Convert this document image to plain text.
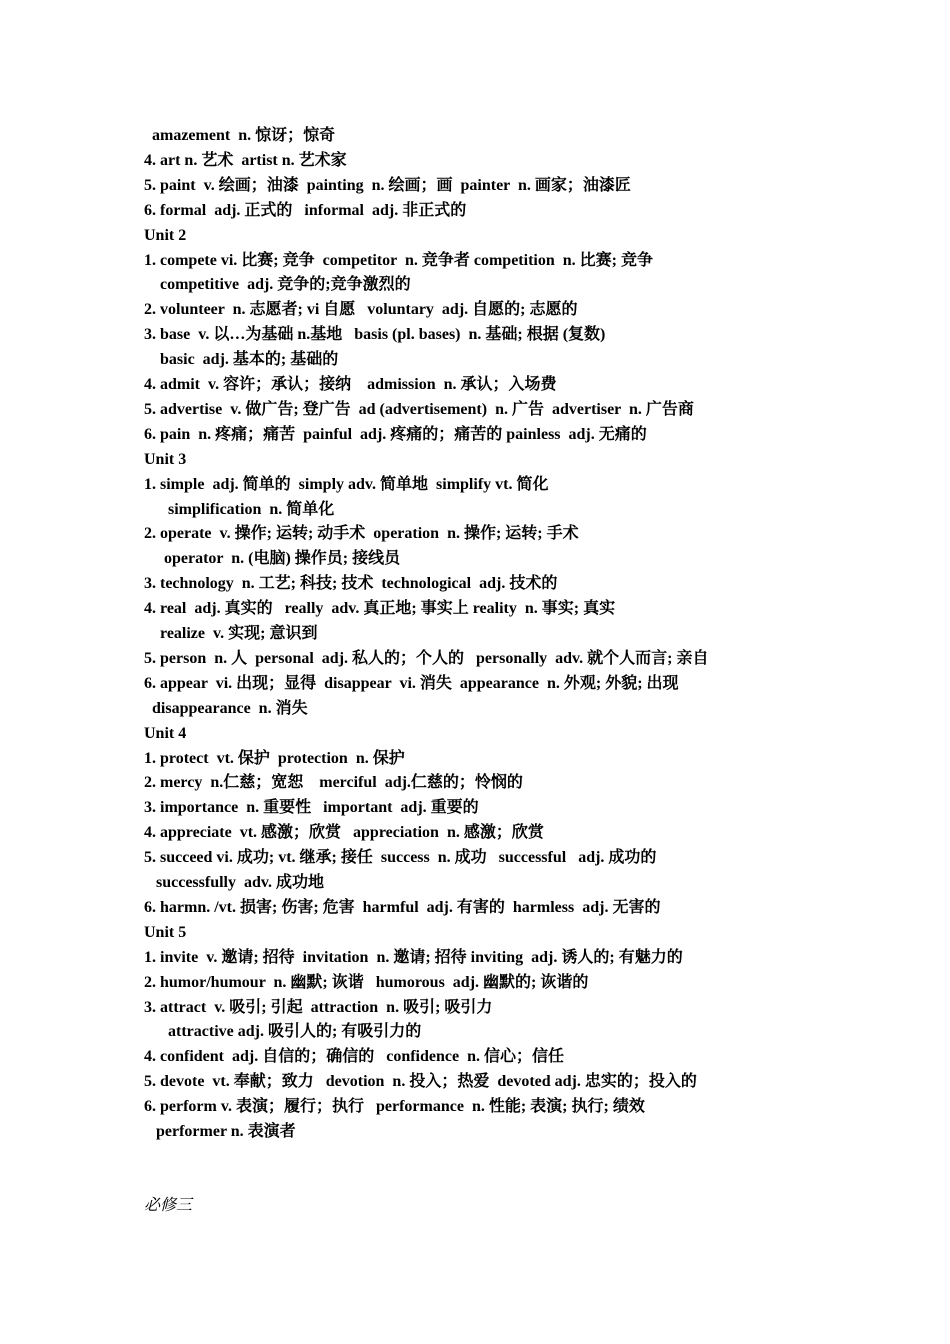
amazement  n. 惊讶；惊奇
4. art n. 艺术  artist n. 艺术家
5. paint  v. 绘画；油漆  painting  n. 绘画；画  painter  n. 画家；油漆匠
6. formal  adj. 正式的   informal  adj. 非正式的
Unit 2
1. compete vi. 比赛; 竞争  competitor  n. 竞争者 competition  n. 比赛; 竞争
competitive  adj. 竞争的;竞争激烈的
2. volunteer  n. 志愿者; vi 自愿   voluntary  adj. 自愿的; 志愿的
3. base  v. 以…为基础 n.基地   basis (pl. bases)  n. 基础; 根据 (复数)
basic  adj. 基本的; 基础的
4. admit  v. 容许；承认；接纳    admission  n. 承认；入场费
5. advertise  v. 做广告; 登广告  ad (advertisement)  n. 广告  advertiser  n. 广告商
6. pain  n. 疼痛；痛苦  painful  adj. 疼痛的；痛苦的 painless  adj. 无痛的
Unit 3
1. simple  adj. 简单的  simply adv. 简单地  simplify vt. 简化
simplification  n. 简单化
2. operate  v. 操作; 运转; 动手术  operation  n. 操作; 运转; 手术
operator  n. (电脑) 操作员; 接线员
3. technology  n. 工艺; 科技; 技术  technological  adj. 技术的
4. real  adj. 真实的   really  adv. 真正地; 事实上 reality  n. 事实; 真实
realize  v. 实现; 意识到
5. person  n. 人  personal  adj. 私人的；个人的   personally  adv. 就个人而言; 亲自
6. appear  vi. 出现；显得  disappear  vi. 消失  appearance  n. 外观; 外貌; 出现
disappearance  n. 消失
Unit 4
1. protect  vt. 保护  protection  n. 保护
2. mercy  n.仁慈；宽恕    merciful  adj.仁慈的；怜悯的
3. importance  n. 重要性   important  adj. 重要的
4. appreciate  vt. 感激；欣赏   appreciation  n. 感激；欣赏
5. succeed vi. 成功; vt. 继承; 接任  success  n. 成功   successful   adj. 成功的
successfully  adv. 成功地
6. harmn. /vt. 损害; 伤害; 危害  harmful  adj. 有害的  harmless  adj. 无害的
Unit 5
1. invite  v. 邀请; 招待  invitation  n. 邀请; 招待 inviting  adj. 诱人的; 有魅力的
2. humor/humour  n. 幽默; 诙谐   humorous  adj. 幽默的; 诙谐的
3. attract  v. 吸引; 引起  attraction  n. 吸引; 吸引力
attractive adj. 吸引人的; 有吸引力的
4. confident  adj. 自信的；确信的   confidence  n. 信心；信任
5. devote  vt. 奉献；致力   devotion  n. 投入；热爱  devoted adj. 忠实的；投入的
6. perform v. 表演；履行；执行   performance  n. 性能; 表演; 执行; 绩效
performer n. 表演者
必修三
